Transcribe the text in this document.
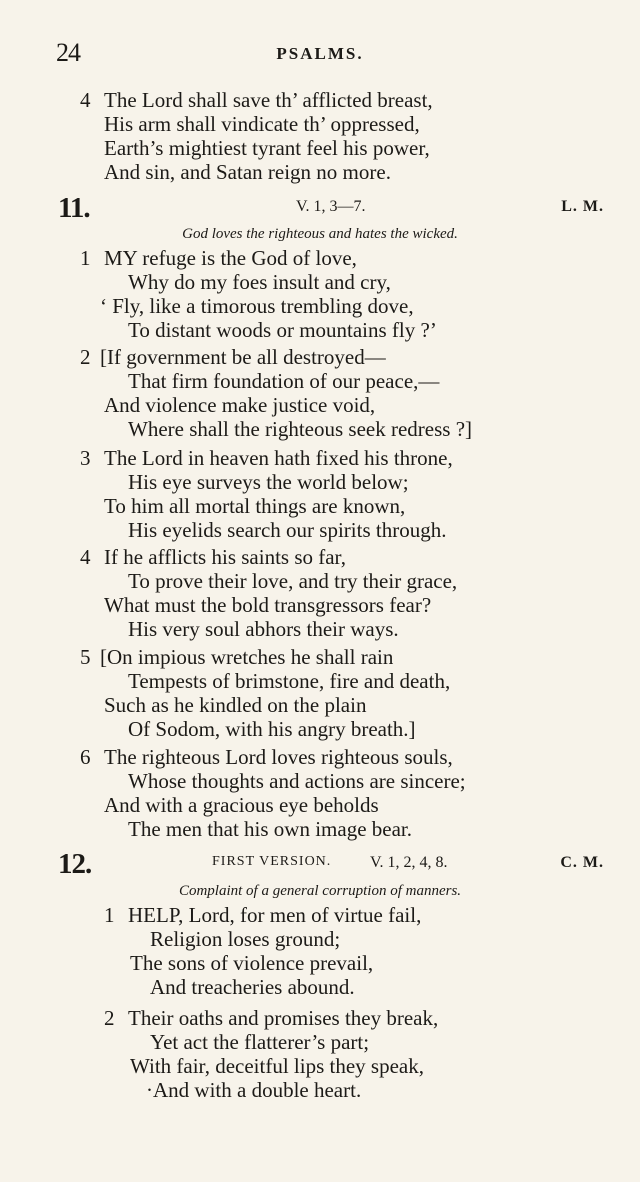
24	PSALMS.
4 The Lord shall save th’ afflicted breast,
His arm shall vindicate th’ oppressed,
Earth’s mightiest tyrant feel his power,
And sin, and Satan reign no more.
11.	V. 1, 3—7.	L. M.
God loves the righteous and hates the wicked.
1 MY refuge is the God of love,
Why do my foes insult and cry,
‘ Fly, like a timorous trembling dove,
To distant woods or mountains fly ?’
2 [If government be all destroyed—
That firm foundation of our peace,—
And violence make justice void,
Where shall the righteous seek redress ?]
3 The Lord in heaven hath fixed his throne,
His eye surveys the world below;
To him all mortal things are known,
His eyelids search our spirits through.
4 If he afflicts his saints so far,
To prove their love, and try their grace,
What must the bold transgressors fear?
His very soul abhors their ways.
5 [On impious wretches he shall rain
Tempests of brimstone, fire and death,
Such as he kindled on the plain
Of Sodom, with his angry breath.]
6 The righteous Lord loves righteous souls,
Whose thoughts and actions are sincere;
And with a gracious eye beholds
The men that his own image bear.
12.	FIRST VERSION. V. 1, 2, 4, 8.	C. M.
Complaint of a general corruption of manners.
1 HELP, Lord, for men of virtue fail,
Religion loses ground;
The sons of violence prevail,
And treacheries abound.
2 Their oaths and promises they break,
Yet act the flatterer’s part;
With fair, deceitful lips they speak,
·And with a double heart.
